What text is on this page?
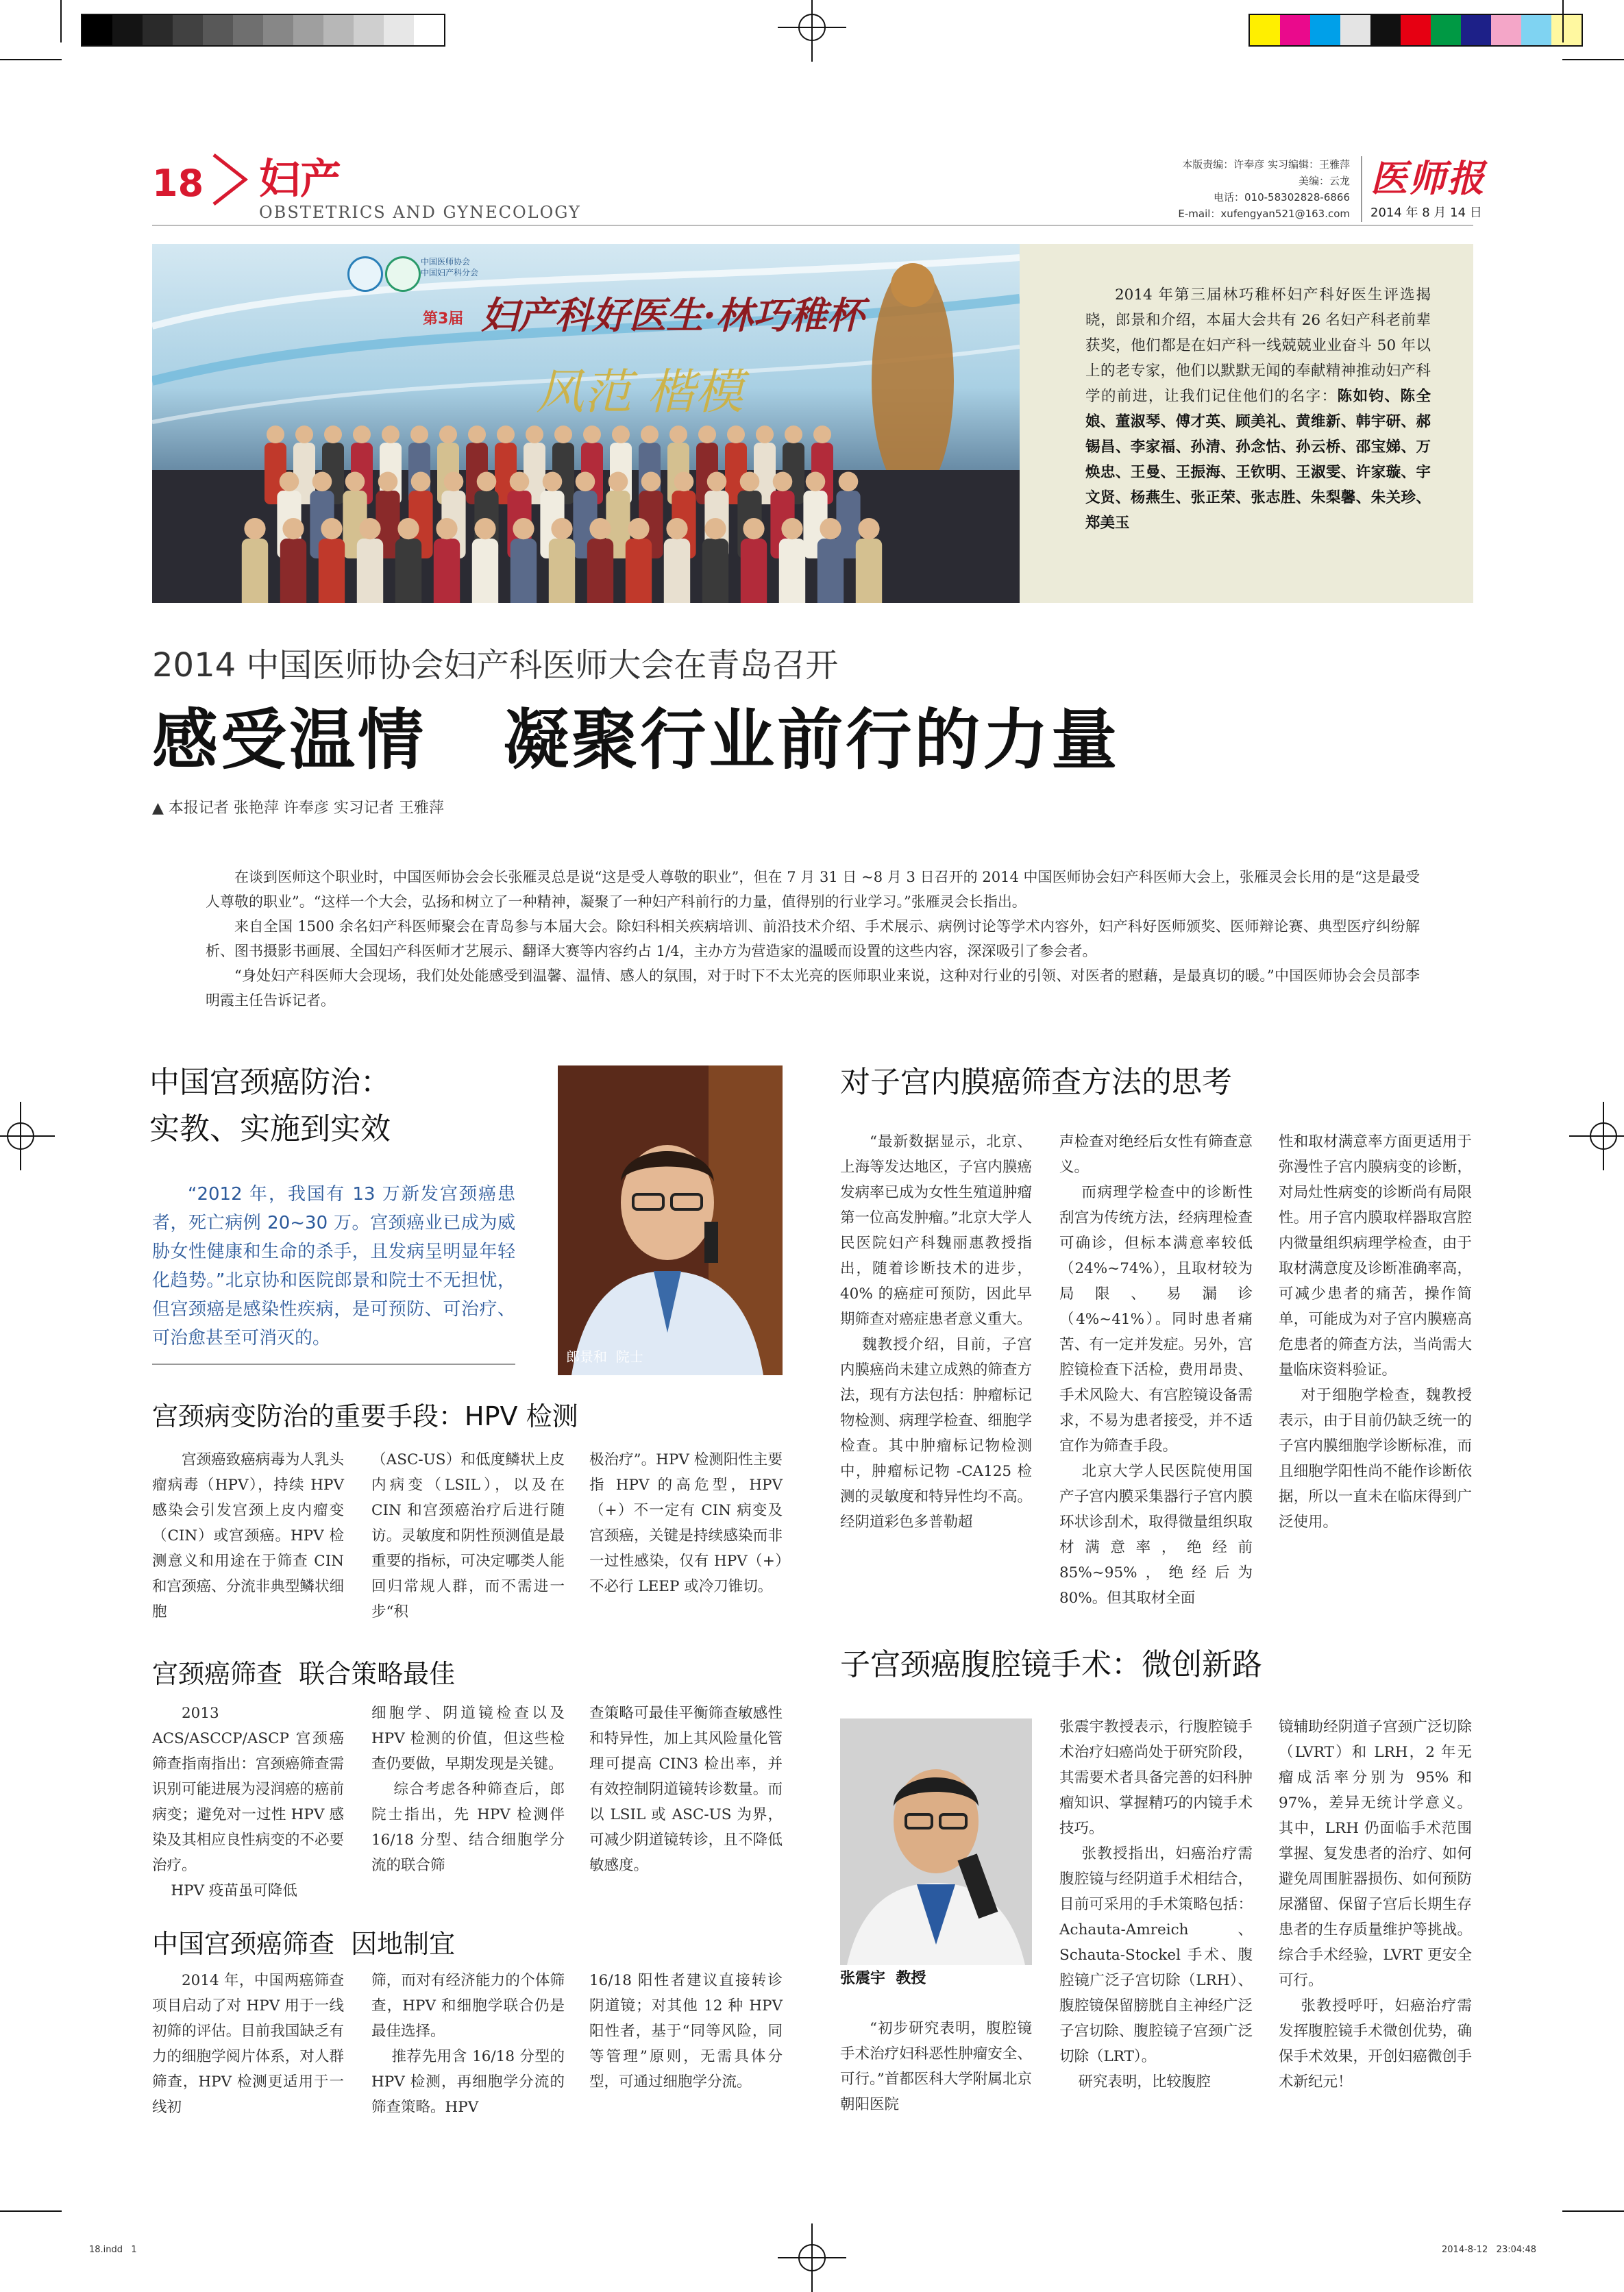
18 妇产
OBSTETRICS AND GYNECOLOGY
本版责编：许奉彦 实习编辑：王雅萍
美编：云龙
电话：010-58302828-6866
E-mail：xufengyan521@163.com
医师报
2014 年 8 月 14 日
中国医师协会
中国妇产科分会
第3届 妇产科好医生·林巧稚杯
风范 楷模
2014 年第三届林巧稚杯妇产科好医生评选揭晓，郎景和介绍，本届大会共有 26 名妇产科老前辈获奖，他们都是在妇产科一线兢兢业业奋斗 50 年以上的老专家，他们以默默无闻的奉献精神推动妇产科学的前进，让我们记住他们的名字：陈如钧、陈全娘、董淑琴、傅才英、顾美礼、黄维新、韩宇研、郝锡昌、李家福、孙清、孙念怙、孙云桥、邵宝娣、万焕忠、王曼、王振海、王钦明、王淑雯、许家璇、宇文贤、杨燕生、张正荣、张志胜、朱梨馨、朱关珍、郑美玉
2014 中国医师协会妇产科医师大会在青岛召开
感受温情   凝聚行业前行的力量
▲ 本报记者 张艳萍 许奉彦 实习记者 王雅萍

在谈到医师这个职业时，中国医师协会会长张雁灵总是说“这是受人尊敬的职业”，但在 7 月 31 日 ~8 月 3 日召开的 2014 中国医师协会妇产科医师大会上，张雁灵会长用的是“这是最受人尊敬的职业”。“这样一个大会，弘扬和树立了一种精神，凝聚了一种妇产科前行的力量，值得别的行业学习。”张雁灵会长指出。

来自全国 1500 余名妇产科医师聚会在青岛参与本届大会。除妇科相关疾病培训、前沿技术介绍、手术展示、病例讨论等学术内容外，妇产科好医师颁奖、医师辩论赛、典型医疗纠纷解析、图书摄影书画展、全国妇产科医师才艺展示、翻译大赛等内容约占 1/4，主办方为营造家的温暖而设置的这些内容，深深吸引了参会者。

“身处妇产科医师大会现场，我们处处能感受到温馨、温情、感人的氛围，对于时下不太光亮的医师职业来说，这种对行业的引领、对医者的慰藉，是最真切的暖。”中国医师协会会员部李明霞主任告诉记者。

中国宫颈癌防治：
实教、实施到实效
“2012 年，我国有 13 万新发宫颈癌患者，死亡病例 20~30 万。宫颈癌业已成为威胁女性健康和生命的杀手，且发病呈明显年轻化趋势。”北京协和医院郎景和院士不无担忧，但宫颈癌是感染性疾病，是可预防、可治疗、可治愈甚至可消灭的。
郎景和  院士
宫颈病变防治的重要手段：HPV 检测
宫颈癌致癌病毒为人乳头瘤病毒（HPV），持续 HPV 感染会引发宫颈上皮内瘤变（CIN）或宫颈癌。HPV 检测意义和用途在于筛查 CIN 和宫颈癌、分流非典型鳞状细胞
（ASC-US）和低度鳞状上皮内病变（LSIL），以及在 CIN 和宫颈癌治疗后进行随访。灵敏度和阴性预测值是最重要的指标，可决定哪类人能回归常规人群，而不需进一步“积
极治疗”。HPV 检测阳性主要指 HPV 的高危型，HPV（+）不一定有 CIN 病变及宫颈癌，关键是持续感染而非一过性感染，仅有 HPV（+）不必行 LEEP 或冷刀锥切。
宫颈癌筛查  联合策略最佳
2013 ACS/ASCCP/ASCP 宫颈癌筛查指南指出：宫颈癌筛查需识别可能进展为浸润癌的癌前病变；避免对一过性 HPV 感染及其相应良性病变的不必要治疗。
HPV 疫苗虽可降低
细胞学、阴道镜检查以及 HPV 检测的价值，但这些检查仍要做，早期发现是关键。
综合考虑各种筛查后，郎院士指出，先 HPV 检测伴 16/18 分型、结合细胞学分流的联合筛
查策略可最佳平衡筛查敏感性和特异性，加上其风险量化管理可提高 CIN3 检出率，并有效控制阴道镜转诊数量。而以 LSIL 或 ASC-US 为界，可减少阴道镜转诊，且不降低敏感度。
中国宫颈癌筛查  因地制宜
2014 年，中国两癌筛查项目启动了对 HPV 用于一线初筛的评估。目前我国缺乏有力的细胞学阅片体系，对人群筛查，HPV 检测更适用于一线初
筛，而对有经济能力的个体筛查，HPV 和细胞学联合仍是最佳选择。
推荐先用含 16/18 分型的 HPV 检测，再细胞学分流的筛查策略。HPV
16/18 阳性者建议直接转诊阴道镜；对其他 12 种 HPV 阳性者，基于“同等风险，同等管理”原则，无需具体分型，可通过细胞学分流。
对子宫内膜癌筛查方法的思考
“最新数据显示，北京、上海等发达地区，子宫内膜癌发病率已成为女性生殖道肿瘤第一位高发肿瘤。”北京大学人民医院妇产科魏丽惠教授指出，随着诊断技术的进步，40% 的癌症可预防，因此早期筛查对癌症患者意义重大。
魏教授介绍，目前，子宫内膜癌尚未建立成熟的筛查方法，现有方法包括：肿瘤标记物检测、病理学检查、细胞学检查。其中肿瘤标记物检测中，肿瘤标记物 -CA125 检测的灵敏度和特异性均不高。经阴道彩色多普勒超
声检查对绝经后女性有筛查意义。
而病理学检查中的诊断性刮宫为传统方法，经病理检查可确诊，但标本满意率较低（24%~74%），且取材较为局限、易漏诊（4%~41%）。同时患者痛苦、有一定并发症。另外，宫腔镜检查下活检，费用昂贵、手术风险大、有宫腔镜设备需求，不易为患者接受，并不适宜作为筛查手段。
北京大学人民医院使用国产子宫内膜采集器行子宫内膜环状诊刮术，取得微量组织取材满意率，绝经前 85%~95%，绝经后为 80%。但其取材全面
性和取材满意率方面更适用于弥漫性子宫内膜病变的诊断，对局灶性病变的诊断尚有局限性。用子宫内膜取样器取宫腔内微量组织病理学检查，由于取材满意度及诊断准确率高，可减少患者的痛苦，操作简单，可能成为对子宫内膜癌高危患者的筛查方法，当尚需大量临床资料验证。
对于细胞学检查，魏教授表示，由于目前仍缺乏统一的子宫内膜细胞学诊断标准，而且细胞学阳性尚不能作诊断依据，所以一直未在临床得到广泛使用。
子宫颈癌腹腔镜手术：微创新路
张震宇  教授
“初步研究表明，腹腔镜手术治疗妇科恶性肿瘤安全、可行。”首都医科大学附属北京朝阳医院
张震宇教授表示，行腹腔镜手术治疗妇癌尚处于研究阶段，其需要术者具备完善的妇科肿瘤知识、掌握精巧的内镜手术技巧。
张教授指出，妇癌治疗需腹腔镜与经阴道手术相结合，目前可采用的手术策略包括：Achauta-Amreich、Schauta-Stockel 手术、腹腔镜广泛子宫切除（LRH）、腹腔镜保留膀胱自主神经广泛子宫切除、腹腔镜子宫颈广泛切除（LRT）。
研究表明，比较腹腔
镜辅助经阴道子宫颈广泛切除（LVRT）和 LRH，2 年无瘤成活率分别为 95% 和 97%，差异无统计学意义。其中，LRH 仍面临手术范围掌握、复发患者的治疗、如何避免周围脏器损伤、如何预防尿潴留、保留子宫后长期生存患者的生存质量维护等挑战。综合手术经验，LVRT 更安全可行。
张教授呼吁，妇癌治疗需发挥腹腔镜手术微创优势，确保手术效果，开创妇癌微创手术新纪元！
18.indd   1	2014-8-12   23:04:48
